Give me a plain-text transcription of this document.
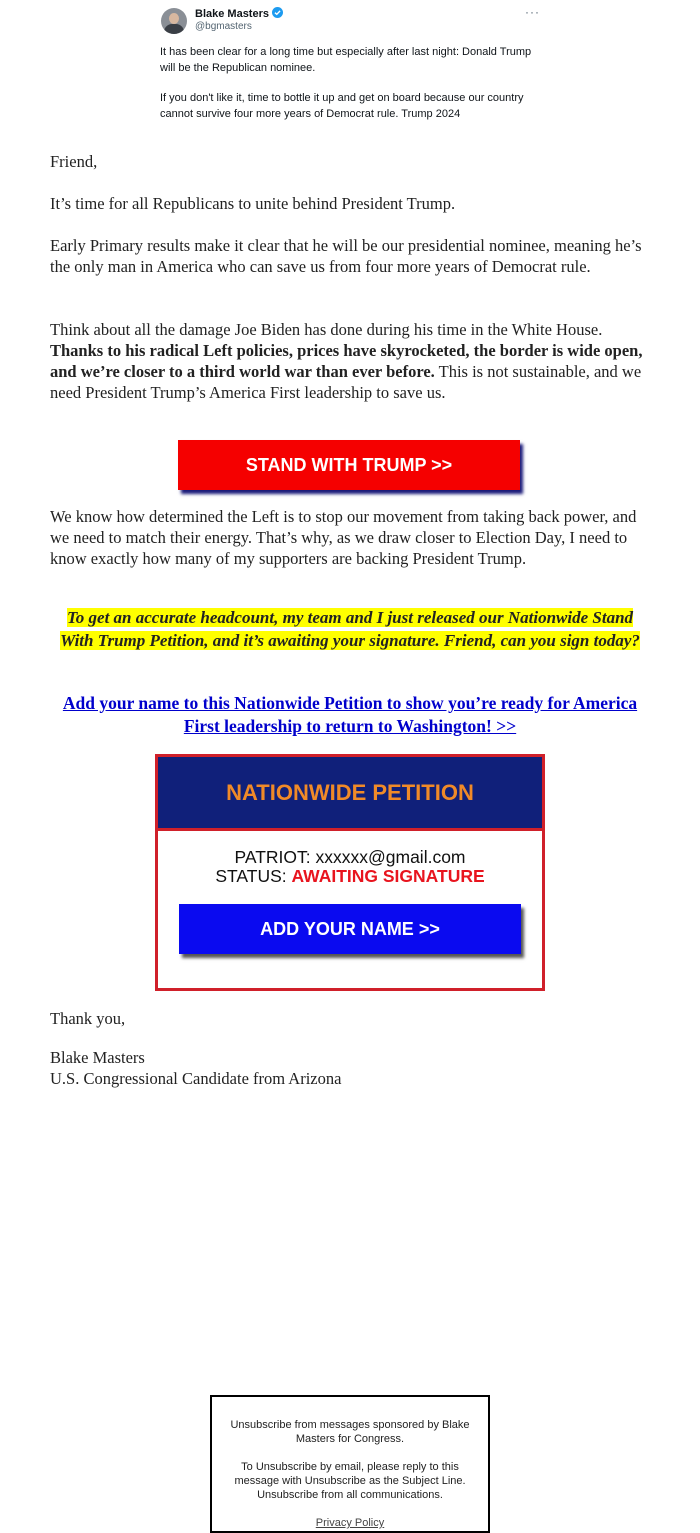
Blake Masters
@bgmasters
···

It has been clear for a long time but especially after last night: Donald Trump will be the Republican nominee.

If you don't like it, time to bottle it up and get on board because our country cannot survive four more years of Democrat rule. Trump 2024

Friend,
It’s time for all Republicans to unite behind President Trump.
Early Primary results make it clear that he will be our presidential nominee, meaning he’s the only man in America who can save us from four more years of Democrat rule.
Think about all the damage Joe Biden has done during his time in the White House. Thanks to his radical Left policies, prices have skyrocketed, the border is wide open, and we’re closer to a third world war than ever before. This is not sustainable, and we need President Trump’s America First leadership to save us.
STAND WITH TRUMP >>
We know how determined the Left is to stop our movement from taking back power, and we need to match their energy. That’s why, as we draw closer to Election Day, I need to know exactly how many of my supporters are backing President Trump.
To get an accurate headcount, my team and I just released our Nationwide Stand With Trump Petition, and it’s awaiting your signature. Friend, can you sign today?
Add your name to this Nationwide Petition to show you’re ready for America First leadership to return to Washington! >>
NATIONWIDE PETITION
PATRIOT: xxxxxx@gmail.com
STATUS: AWAITING SIGNATURE
ADD YOUR NAME >>
Thank you,
Blake Masters
U.S. Congressional Candidate from Arizona

Unsubscribe from messages sponsored by Blake Masters for Congress.

To Unsubscribe by email, please reply to this message with Unsubscribe as the Subject Line.

Unsubscribe from all communications.

Privacy Policy
